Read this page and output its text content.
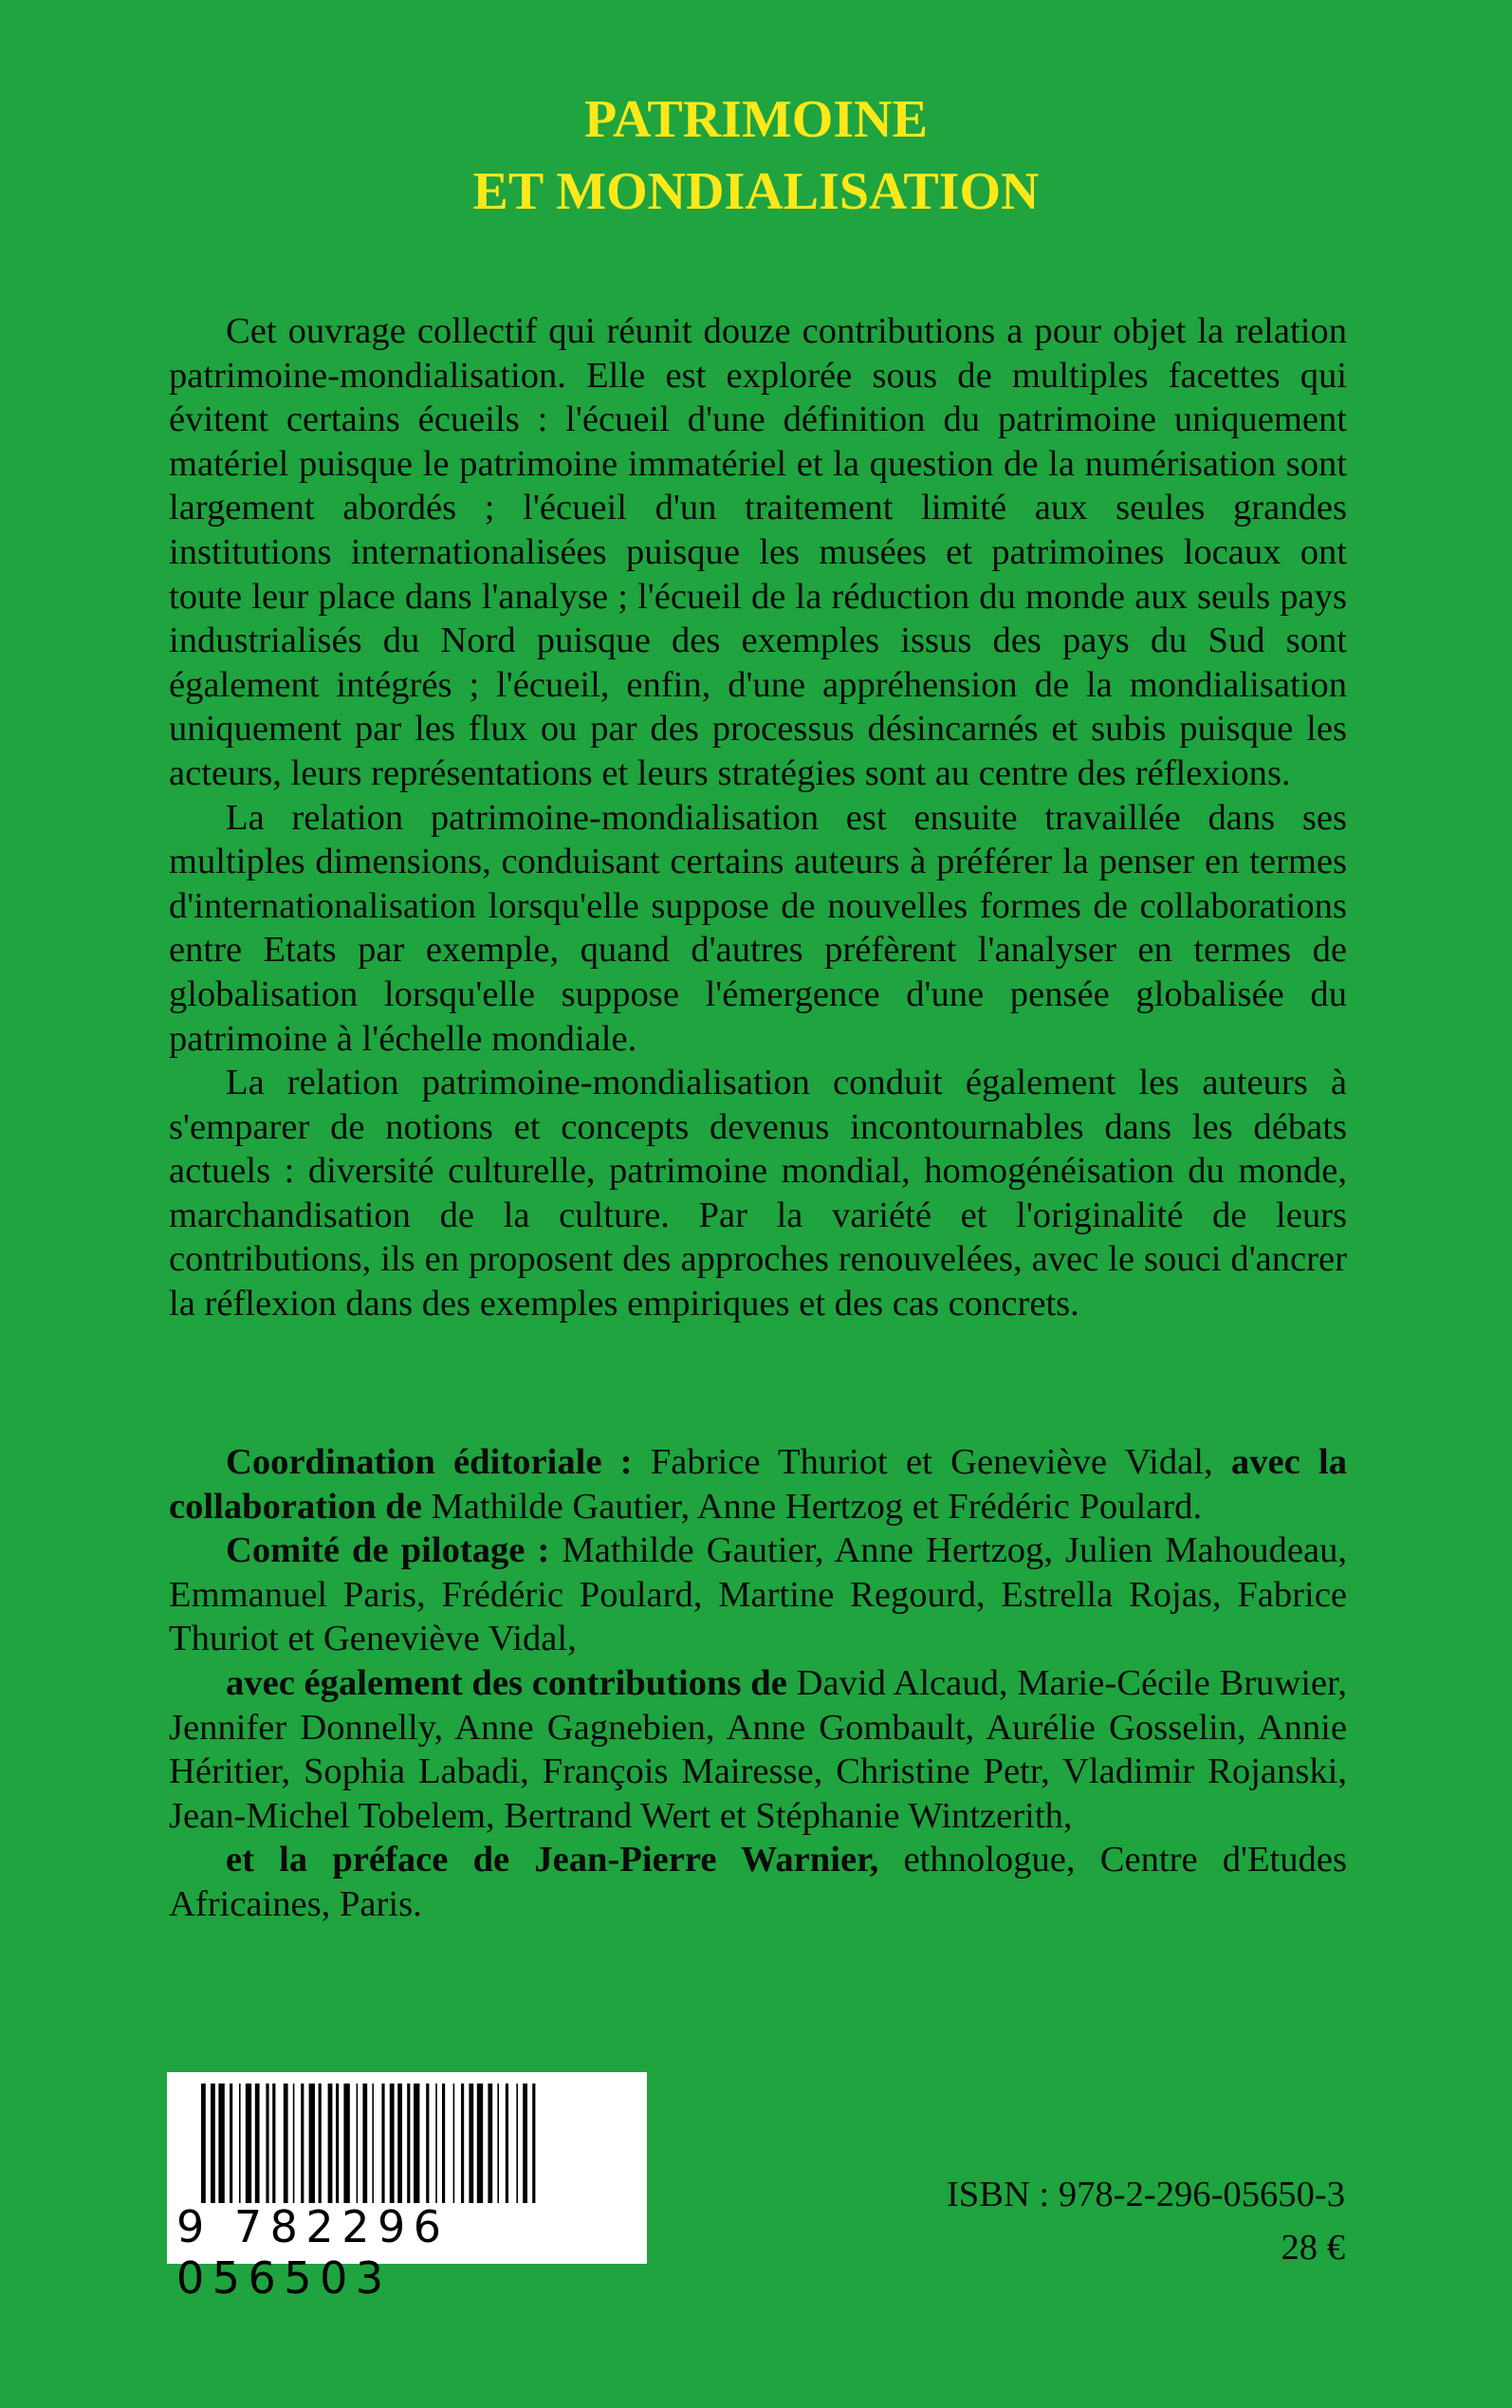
PATRIMOINE
ET MONDIALISATION

Cet ouvrage collectif qui réunit douze contributions a pour objet la relation patrimoine-mondialisation. Elle est explorée sous de multiples facettes qui évitent certains écueils : l'écueil d'une définition du patrimoine uniquement matériel puisque le patrimoine immatériel et la question de la numérisation sont largement abordés ; l'écueil d'un traitement limité aux seules grandes institutions internationalisées puisque les musées et patrimoines locaux ont toute leur place dans l'analyse ; l'écueil de la réduction du monde aux seuls pays industrialisés du Nord puisque des exemples issus des pays du Sud sont également intégrés ; l'écueil, enfin, d'une appréhension de la mondialisation uniquement par les flux ou par des processus désincarnés et subis puisque les acteurs, leurs représentations et leurs stratégies sont au centre des réflexions.

La relation patrimoine-mondialisation est ensuite travaillée dans ses multiples dimensions, conduisant certains auteurs à préférer la penser en termes d'internationalisation lorsqu'elle suppose de nouvelles formes de collaborations entre Etats par exemple, quand d'autres préfèrent l'analyser en termes de globalisation lorsqu'elle suppose l'émergence d'une pensée globalisée du patrimoine à l'échelle mondiale.

La relation patrimoine-mondialisation conduit également les auteurs à s'emparer de notions et concepts devenus incontournables dans les débats actuels : diversité culturelle, patrimoine mondial, homogénéisation du monde, marchandisation de la culture. Par la variété et l'originalité de leurs contributions, ils en proposent des approches renouvelées, avec le souci d'ancrer la réflexion dans des exemples empiriques et des cas concrets.

Coordination éditoriale : Fabrice Thuriot et Geneviève Vidal, avec la collaboration de Mathilde Gautier, Anne Hertzog et Frédéric Poulard.

Comité de pilotage : Mathilde Gautier, Anne Hertzog, Julien Mahoudeau, Emmanuel Paris, Frédéric Poulard, Martine Regourd, Estrella Rojas, Fabrice Thuriot et Geneviève Vidal,

avec également des contributions de David Alcaud, Marie-Cécile Bruwier, Jennifer Donnelly, Anne Gagnebien, Anne Gombault, Aurélie Gosselin, Annie Héritier, Sophia Labadi, François Mairesse, Christine Petr, Vladimir Rojanski, Jean-Michel Tobelem, Bertrand Wert et Stéphanie Wintzerith,

et la préface de Jean-Pierre Warnier, ethnologue, Centre d'Etudes Africaines, Paris.

9 782296 056503
ISBN : 978-2-296-05650-3
28 €
